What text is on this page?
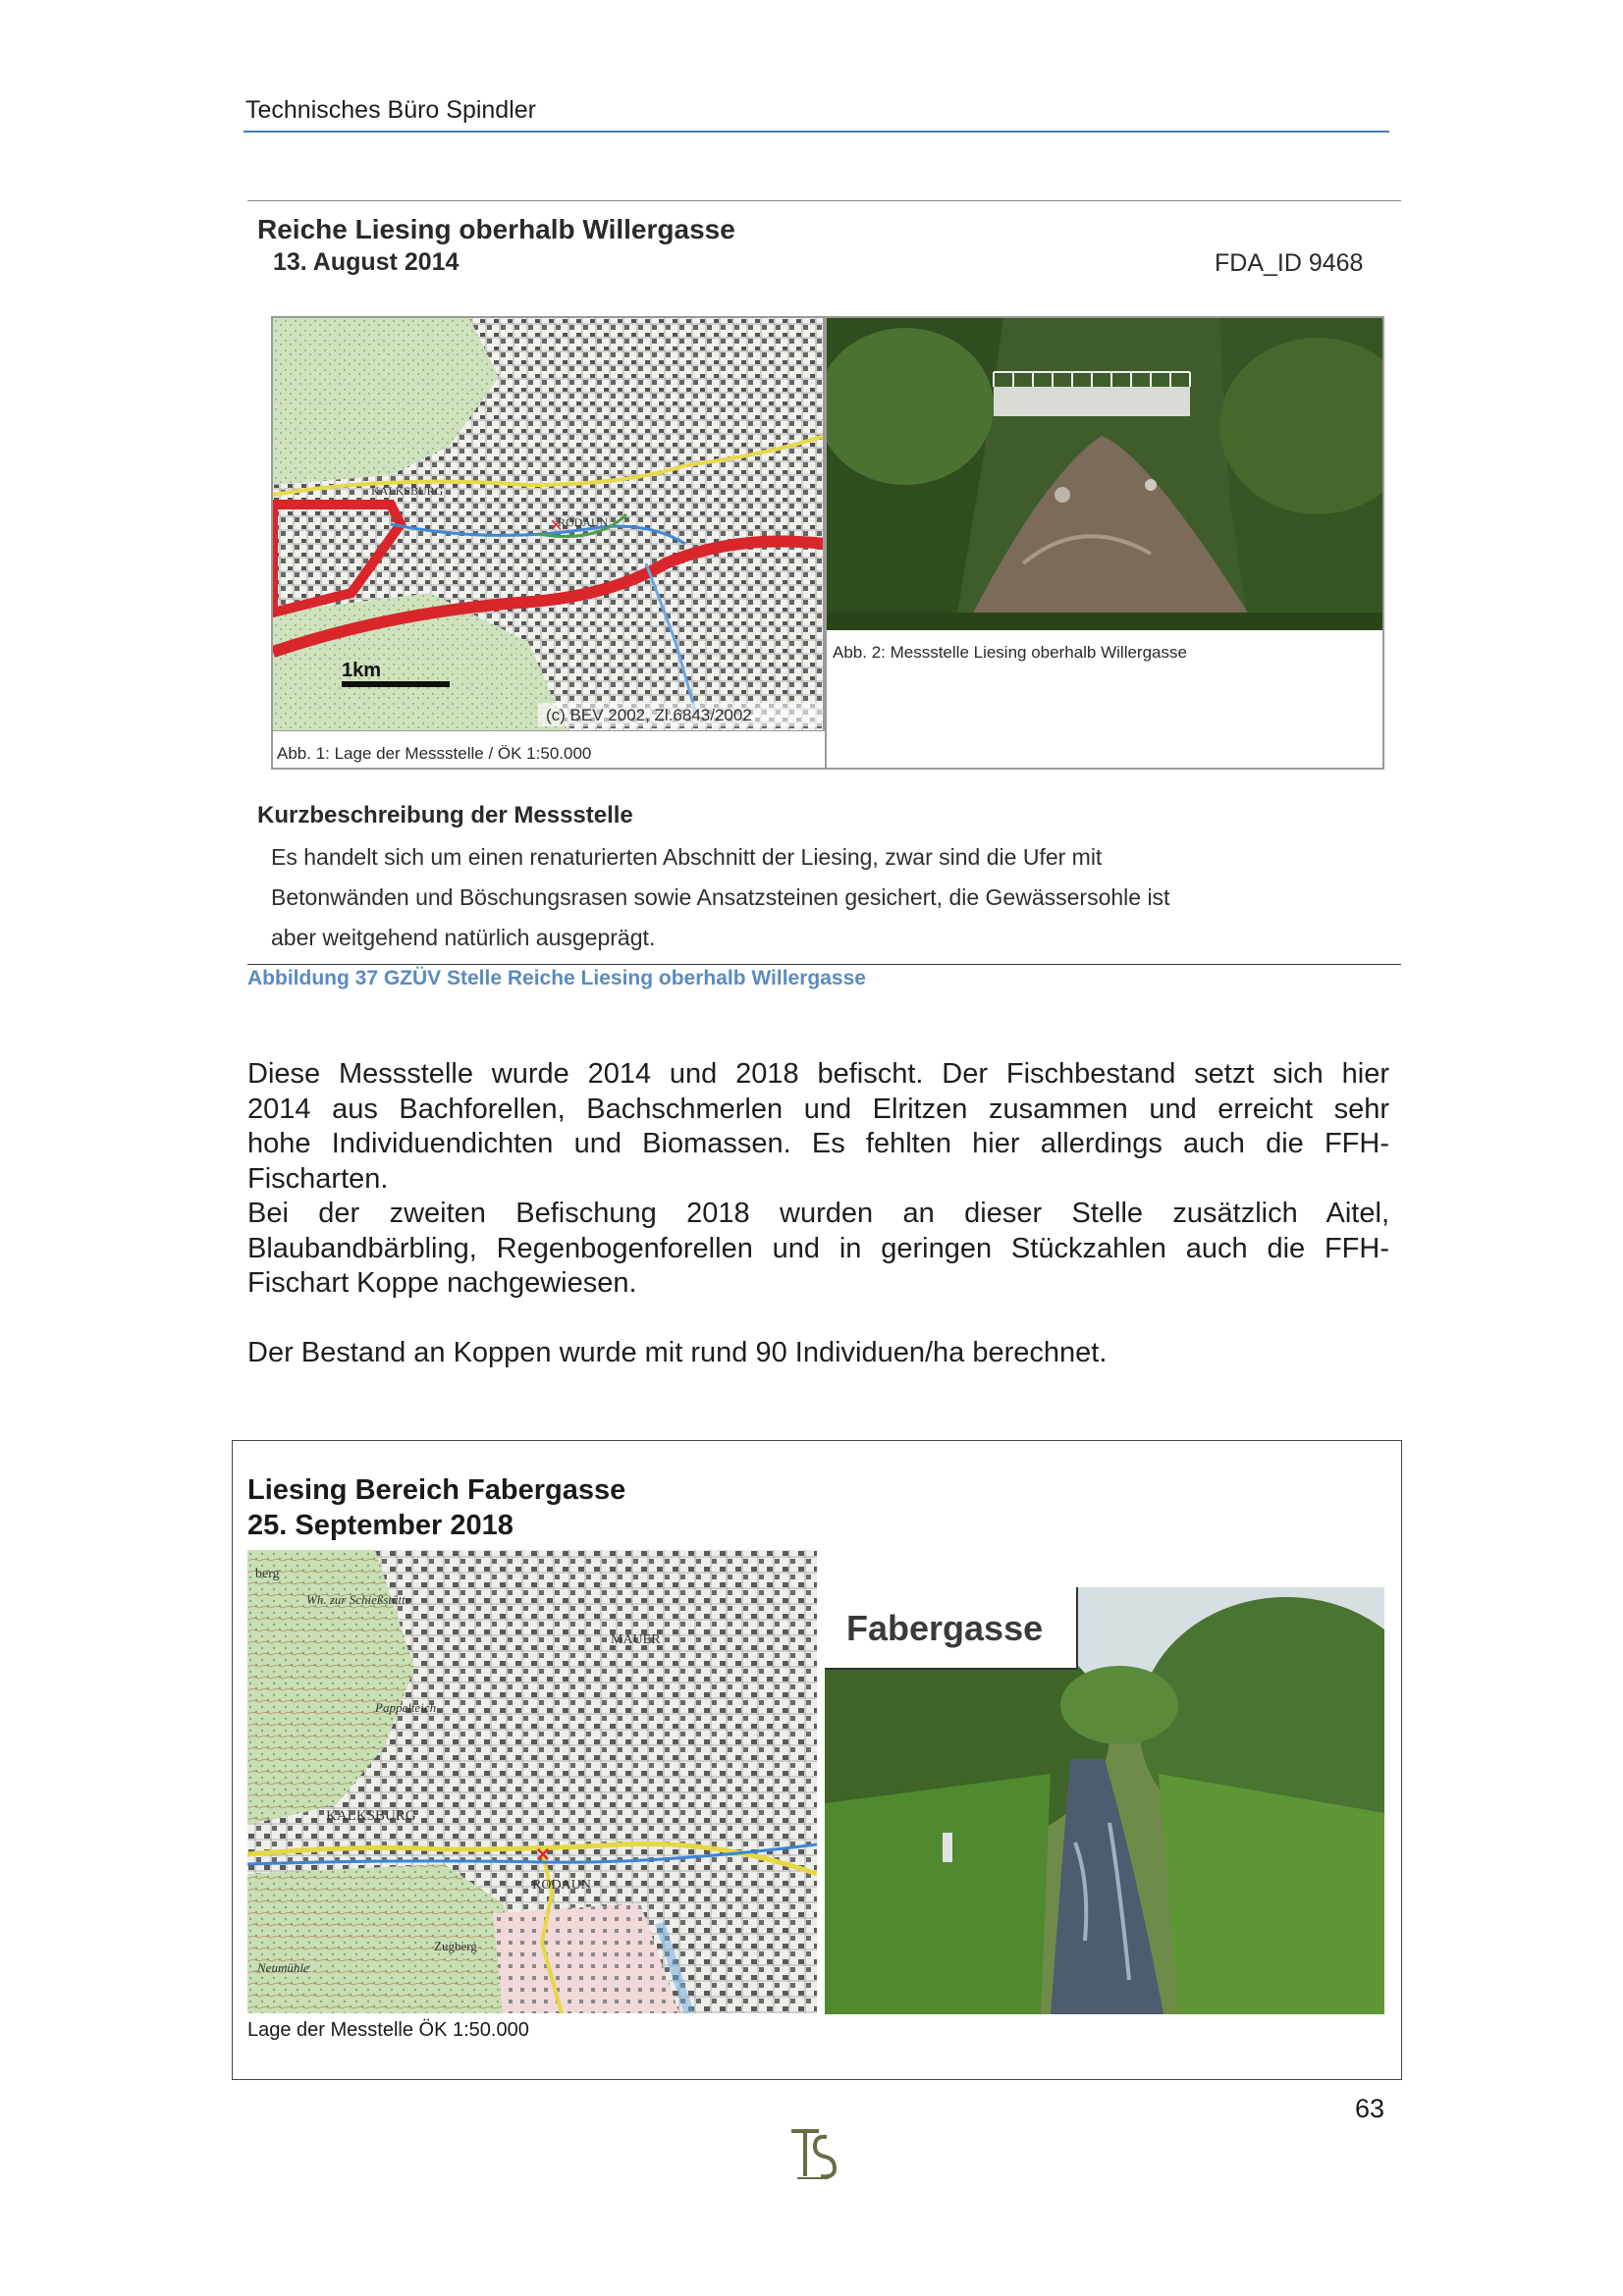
Technisches Büro Spindler
Reiche Liesing oberhalb Willergasse
13. August 2014	FDA_ID 9468
×
KALKSBURG
RODAUN
1km
(c) BEV 2002, Zl.6843/2002
Abb. 1: Lage der Messstelle / ÖK 1:50.000
Abb. 2: Messstelle Liesing oberhalb Willergasse
Kurzbeschreibung der Messstelle
Es handelt sich um einen renaturierten Abschnitt der Liesing, zwar sind die Ufer mit
Betonwänden und Böschungsrasen sowie Ansatzsteinen gesichert, die Gewässersohle ist
aber weitgehend natürlich ausgeprägt.
Abbildung 37 GZÜV Stelle Reiche Liesing oberhalb Willergasse
Diese Messstelle wurde 2014 und 2018 befischt. Der Fischbestand setzt sich hier
2014 aus Bachforellen, Bachschmerlen und Elritzen zusammen und erreicht sehr
hohe Individuendichten und Biomassen. Es fehlten hier allerdings auch die FFH-
Fischarten.
Bei der zweiten Befischung 2018 wurden an dieser Stelle zusätzlich Aitel,
Blaubandbärbling, Regenbogenforellen und in geringen Stückzahlen auch die FFH-
Fischart Koppe nachgewiesen.
Der Bestand an Koppen wurde mit rund 90 Individuen/ha berechnet.
Liesing Bereich Fabergasse
25. September 2018
berg
Wh. zur Schießstätte
MAUER
Pappelteich
KALKSBURG
RODAUN
Zugberg
Neumühle
×
Lage der Messtelle ÖK 1:50.000
Fabergasse
63
